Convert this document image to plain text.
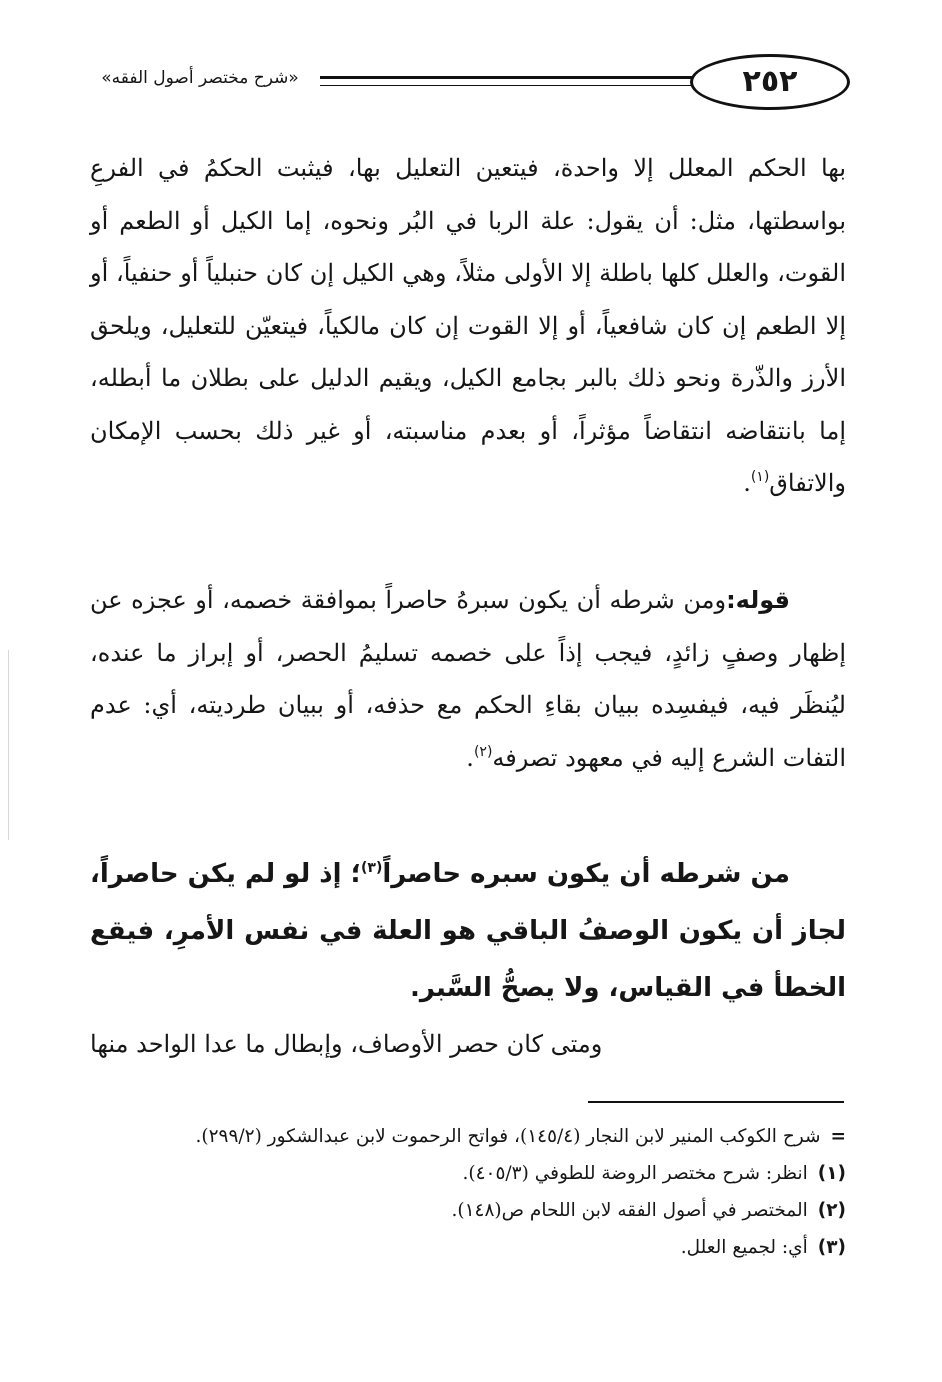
٢٥٢
«شرح مختصر أصول الفقه»
بها الحكم المعلل إلا واحدة، فيتعين التعليل بها، فيثبت الحكمُ في الفرعِ بواسطتها، مثل: أن يقول: علة الربا في البُر ونحوه، إما الكيل أو الطعم أو القوت، والعلل كلها باطلة إلا الأولى مثلاً، وهي الكيل إن كان حنبلياً أو حنفياً، أو إلا الطعم إن كان شافعياً، أو إلا القوت إن كان مالكياً، فيتعيّن للتعليل، ويلحق الأرز والذّرة ونحو ذلك بالبر بجامع الكيل، ويقيم الدليل على بطلان ما أبطله، إما بانتقاضه انتقاضاً مؤثراً، أو بعدم مناسبته، أو غير ذلك بحسب الإمكان والاتفاق$^{(١)}$.
قوله:ومن شرطه أن يكون سبرهُ حاصراً بموافقة خصمه، أو عجزه عن إظهار وصفٍ زائدٍ، فيجب إذاً على خصمه تسليمُ الحصر، أو إبراز ما عنده، ليُنظَر فيه، فيفسِده ببيان بقاءِ الحكم مع حذفه، أو ببيان طرديته، أي: عدم التفات الشرع إليه في معهود تصرفه$^{(٢)}$.
من شرطه أن يكون سبره حاصراً$^{(٣)}$؛ إذ لو لم يكن حاصراً، لجاز أن يكون الوصفُ الباقي هو العلة في نفس الأمرِ، فيقع الخطأ في القياس، ولا يصحُّ السَّبر.
ومتى كان حصر الأوصاف، وإبطال ما عدا الواحد منها
=شرح الكوكب المنير لابن النجار (١٤٥/٤)، فواتح الرحموت لابن عبدالشكور (٢٩٩/٢).
(١)انظر: شرح مختصر الروضة للطوفي (٤٠٥/٣).
(٢)المختصر في أصول الفقه لابن اللحام ص(١٤٨).
(٣)أي: لجميع العلل.
